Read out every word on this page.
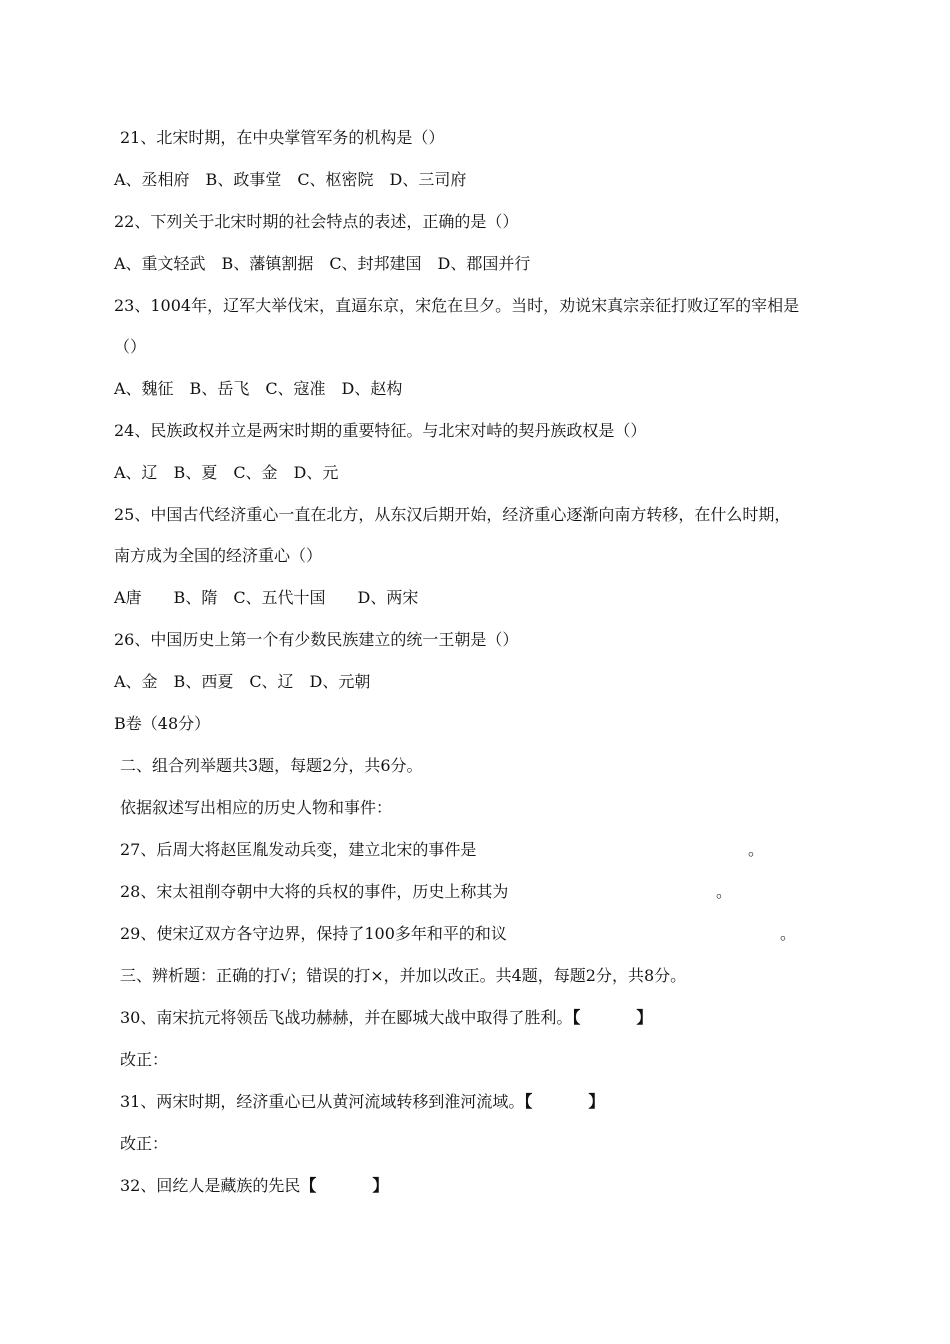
21、北宋时期，在中央掌管军务的机构是（）
A、丞相府　B、政事堂　C、枢密院　D、三司府
22、下列关于北宋时期的社会特点的表述，正确的是（）
A、重文轻武　B、藩镇割据　C、封邦建国　D、郡国并行
23、1004年，辽军大举伐宋，直逼东京，宋危在旦夕。当时，劝说宋真宗亲征打败辽军的宰相是
（）
A、魏征　B、岳飞　C、寇准　D、赵构
24、民族政权并立是两宋时期的重要特征。与北宋对峙的契丹族政权是（）
A、辽　B、夏　C、金　D、元
25、中国古代经济重心一直在北方，从东汉后期开始，经济重心逐渐向南方转移，在什么时期，
南方成为全国的经济重心（）
A唐　　B、隋　C、五代十国　　D、两宋
26、中国历史上第一个有少数民族建立的统一王朝是（）
A、金　B、西夏　C、辽　D、元朝
B卷（48分）
二、组合列举题共3题，每题2分，共6分。
依据叙述写出相应的历史人物和事件：
27、后周大将赵匡胤发动兵变，建立北宋的事件是	。
28、宋太祖削夺朝中大将的兵权的事件，历史上称其为	。
29、使宋辽双方各守边界，保持了100多年和平的和议	。
三、辨析题：正确的打√；错误的打×，并加以改正。共4题，每题2分，共8分。
30、南宋抗元将领岳飞战功赫赫，并在郾城大战中取得了胜利。【	】
改正：
31、两宋时期，经济重心已从黄河流域转移到淮河流域。【	】
改正：
32、回纥人是藏族的先民【	】
